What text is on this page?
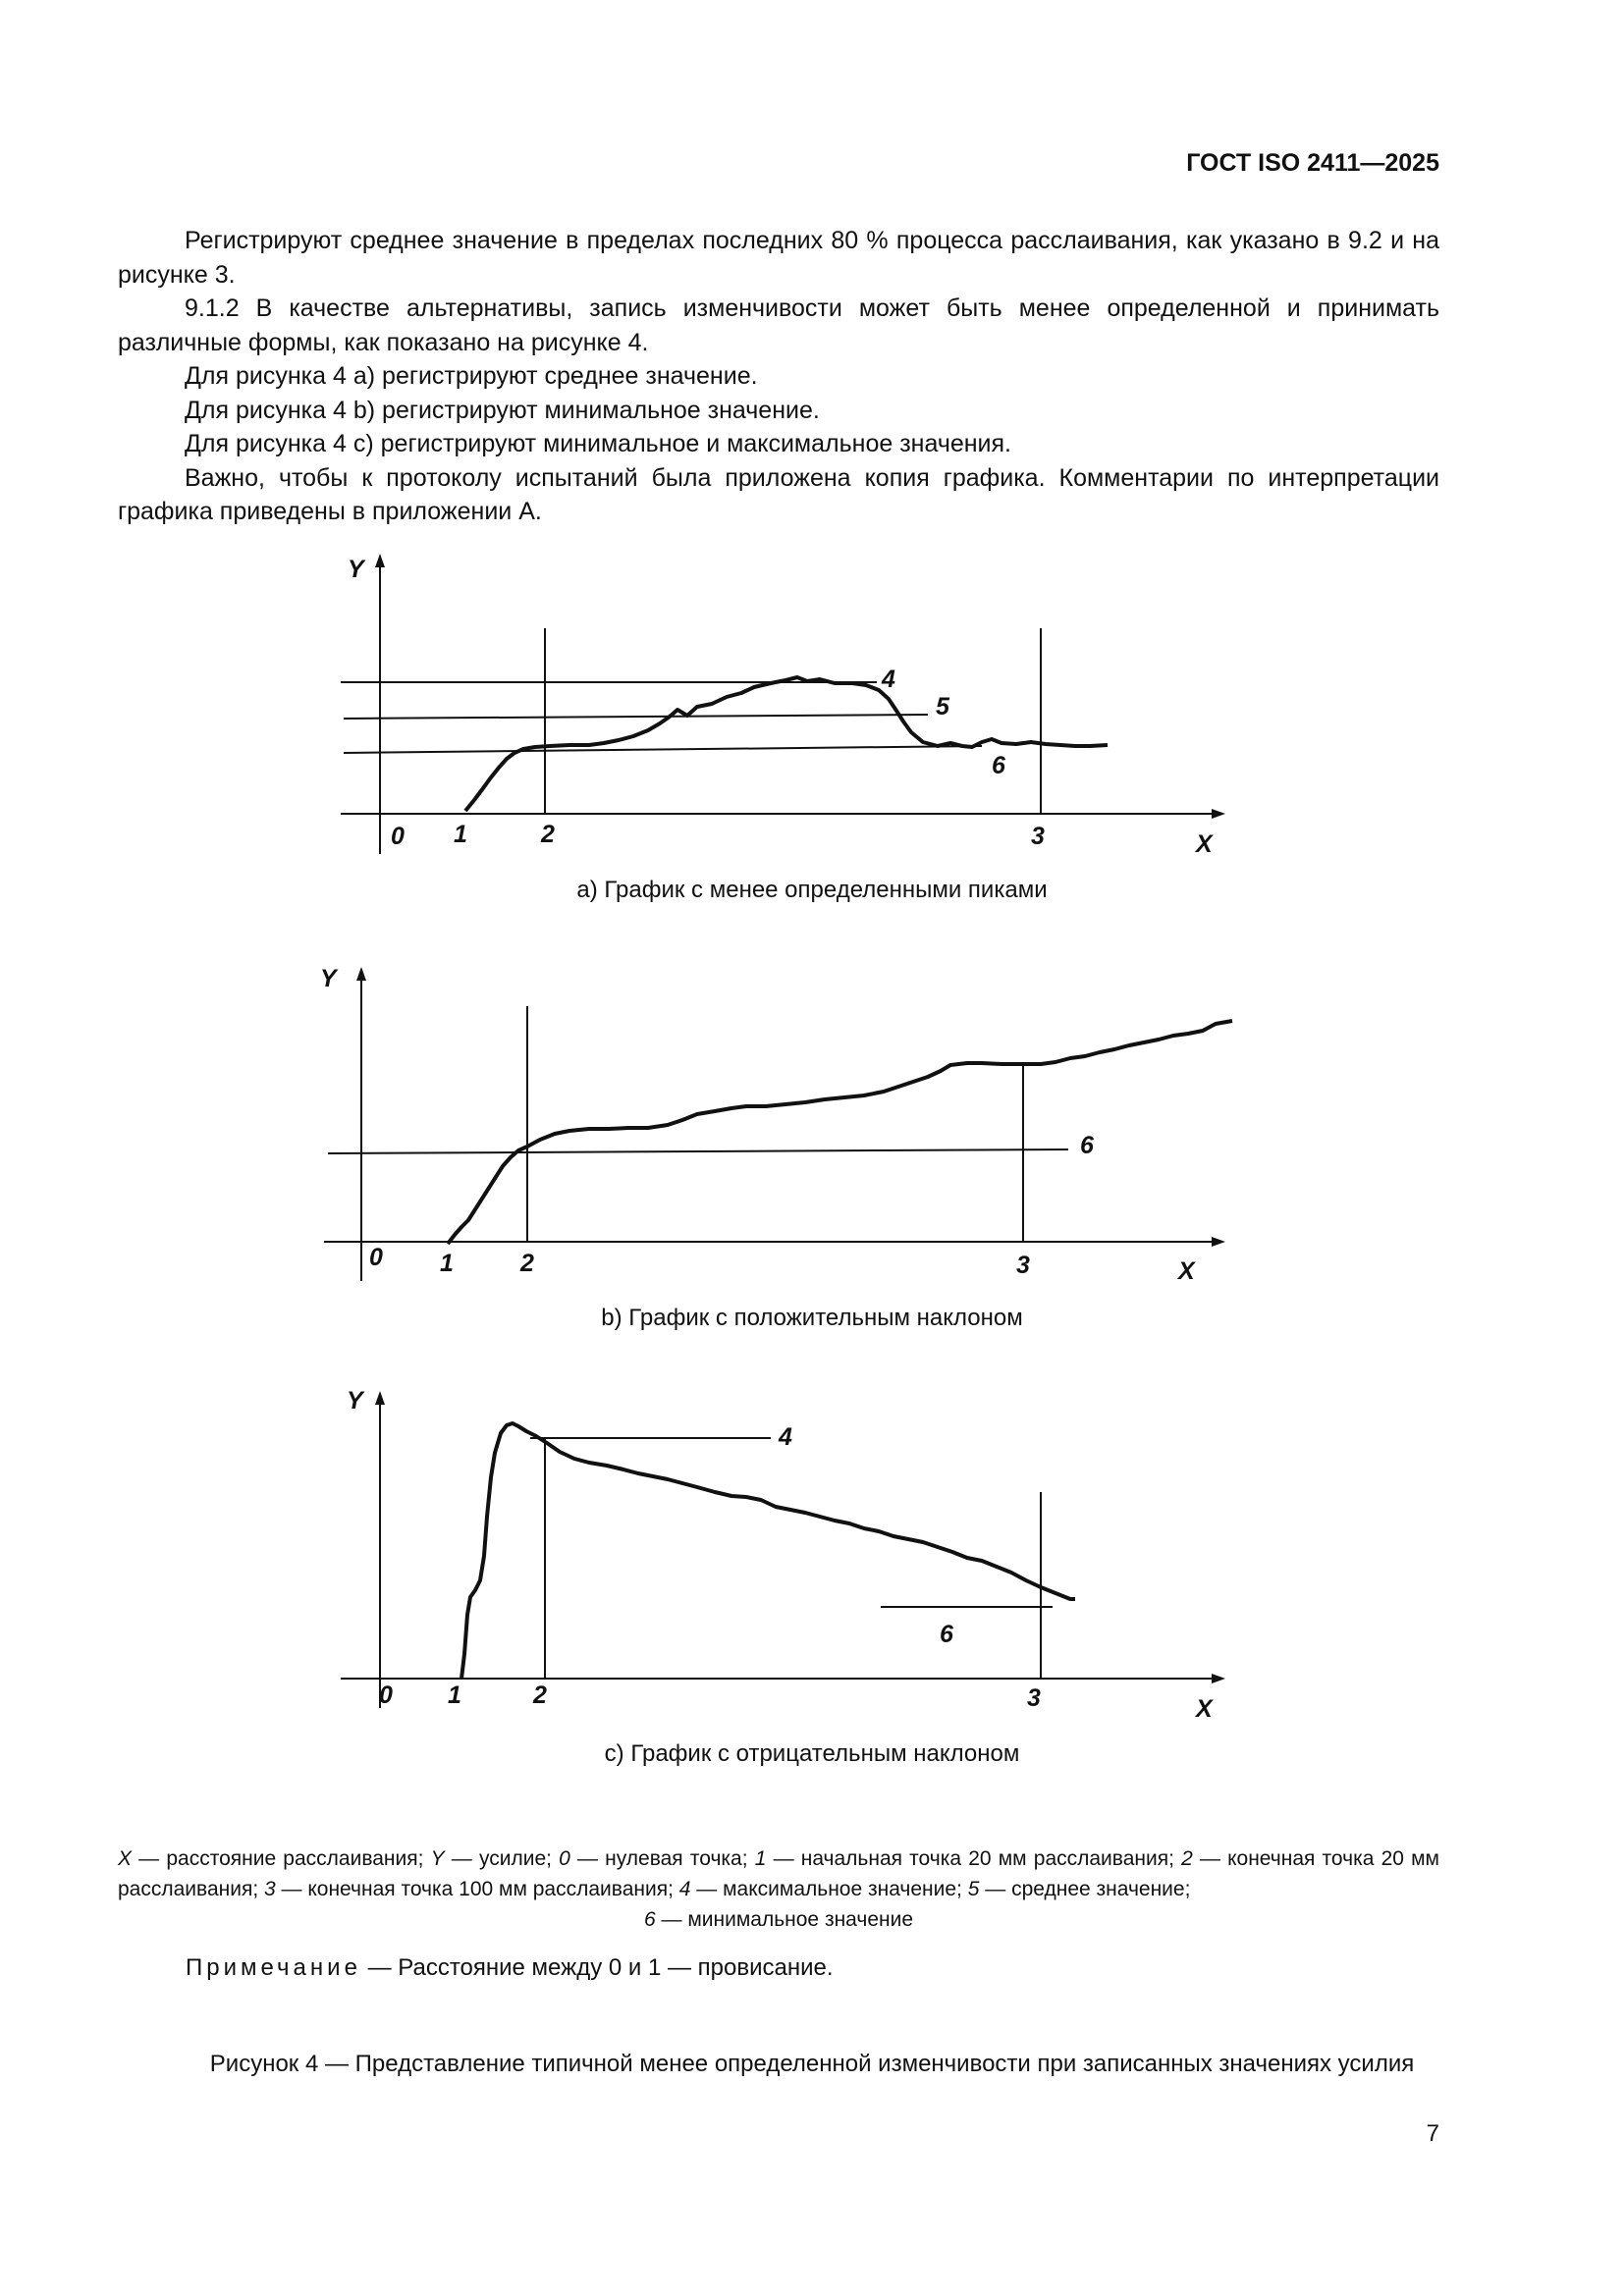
ГОСТ ISO 2411—2025

Регистрируют среднее значение в пределах последних 80 % процесса расслаивания, как указано в 9.2 и на рисунке 3.

9.1.2 В качестве альтернативы, запись изменчивости может быть менее определенной и принимать различные формы, как показано на рисунке 4.

Для рисунка 4 a) регистрируют среднее значение.

Для рисунка 4 b) регистрируют минимальное значение.

Для рисунка 4 c) регистрируют минимальное и максимальное значения.

Важно, чтобы к протоколу испытаний была приложена копия графика. Комментарии по интерпретации графика приведены в приложении А.

Y
X
0 1	2	3
4
5
6
a) График с менее определенными пиками
Y
X
0 1	2	3
6
b) График с положительным наклоном
Y
X
0 1	2	3
4
6
c) График с отрицательным наклоном
X — расстояние расслаивания; Y — усилие; 0 — нулевая точка; 1 — начальная точка 20 мм расслаивания; 2 — конечная точка 20 мм расслаивания; 3 — конечная точка 100 мм расслаивания; 4 — максимальное значение; 5 — среднее значение;
6 — минимальное значение
Примечание — Расстояние между 0 и 1 — провисание.
Рисунок 4 — Представление типичной менее определенной изменчивости при записанных значениях усилия
7
